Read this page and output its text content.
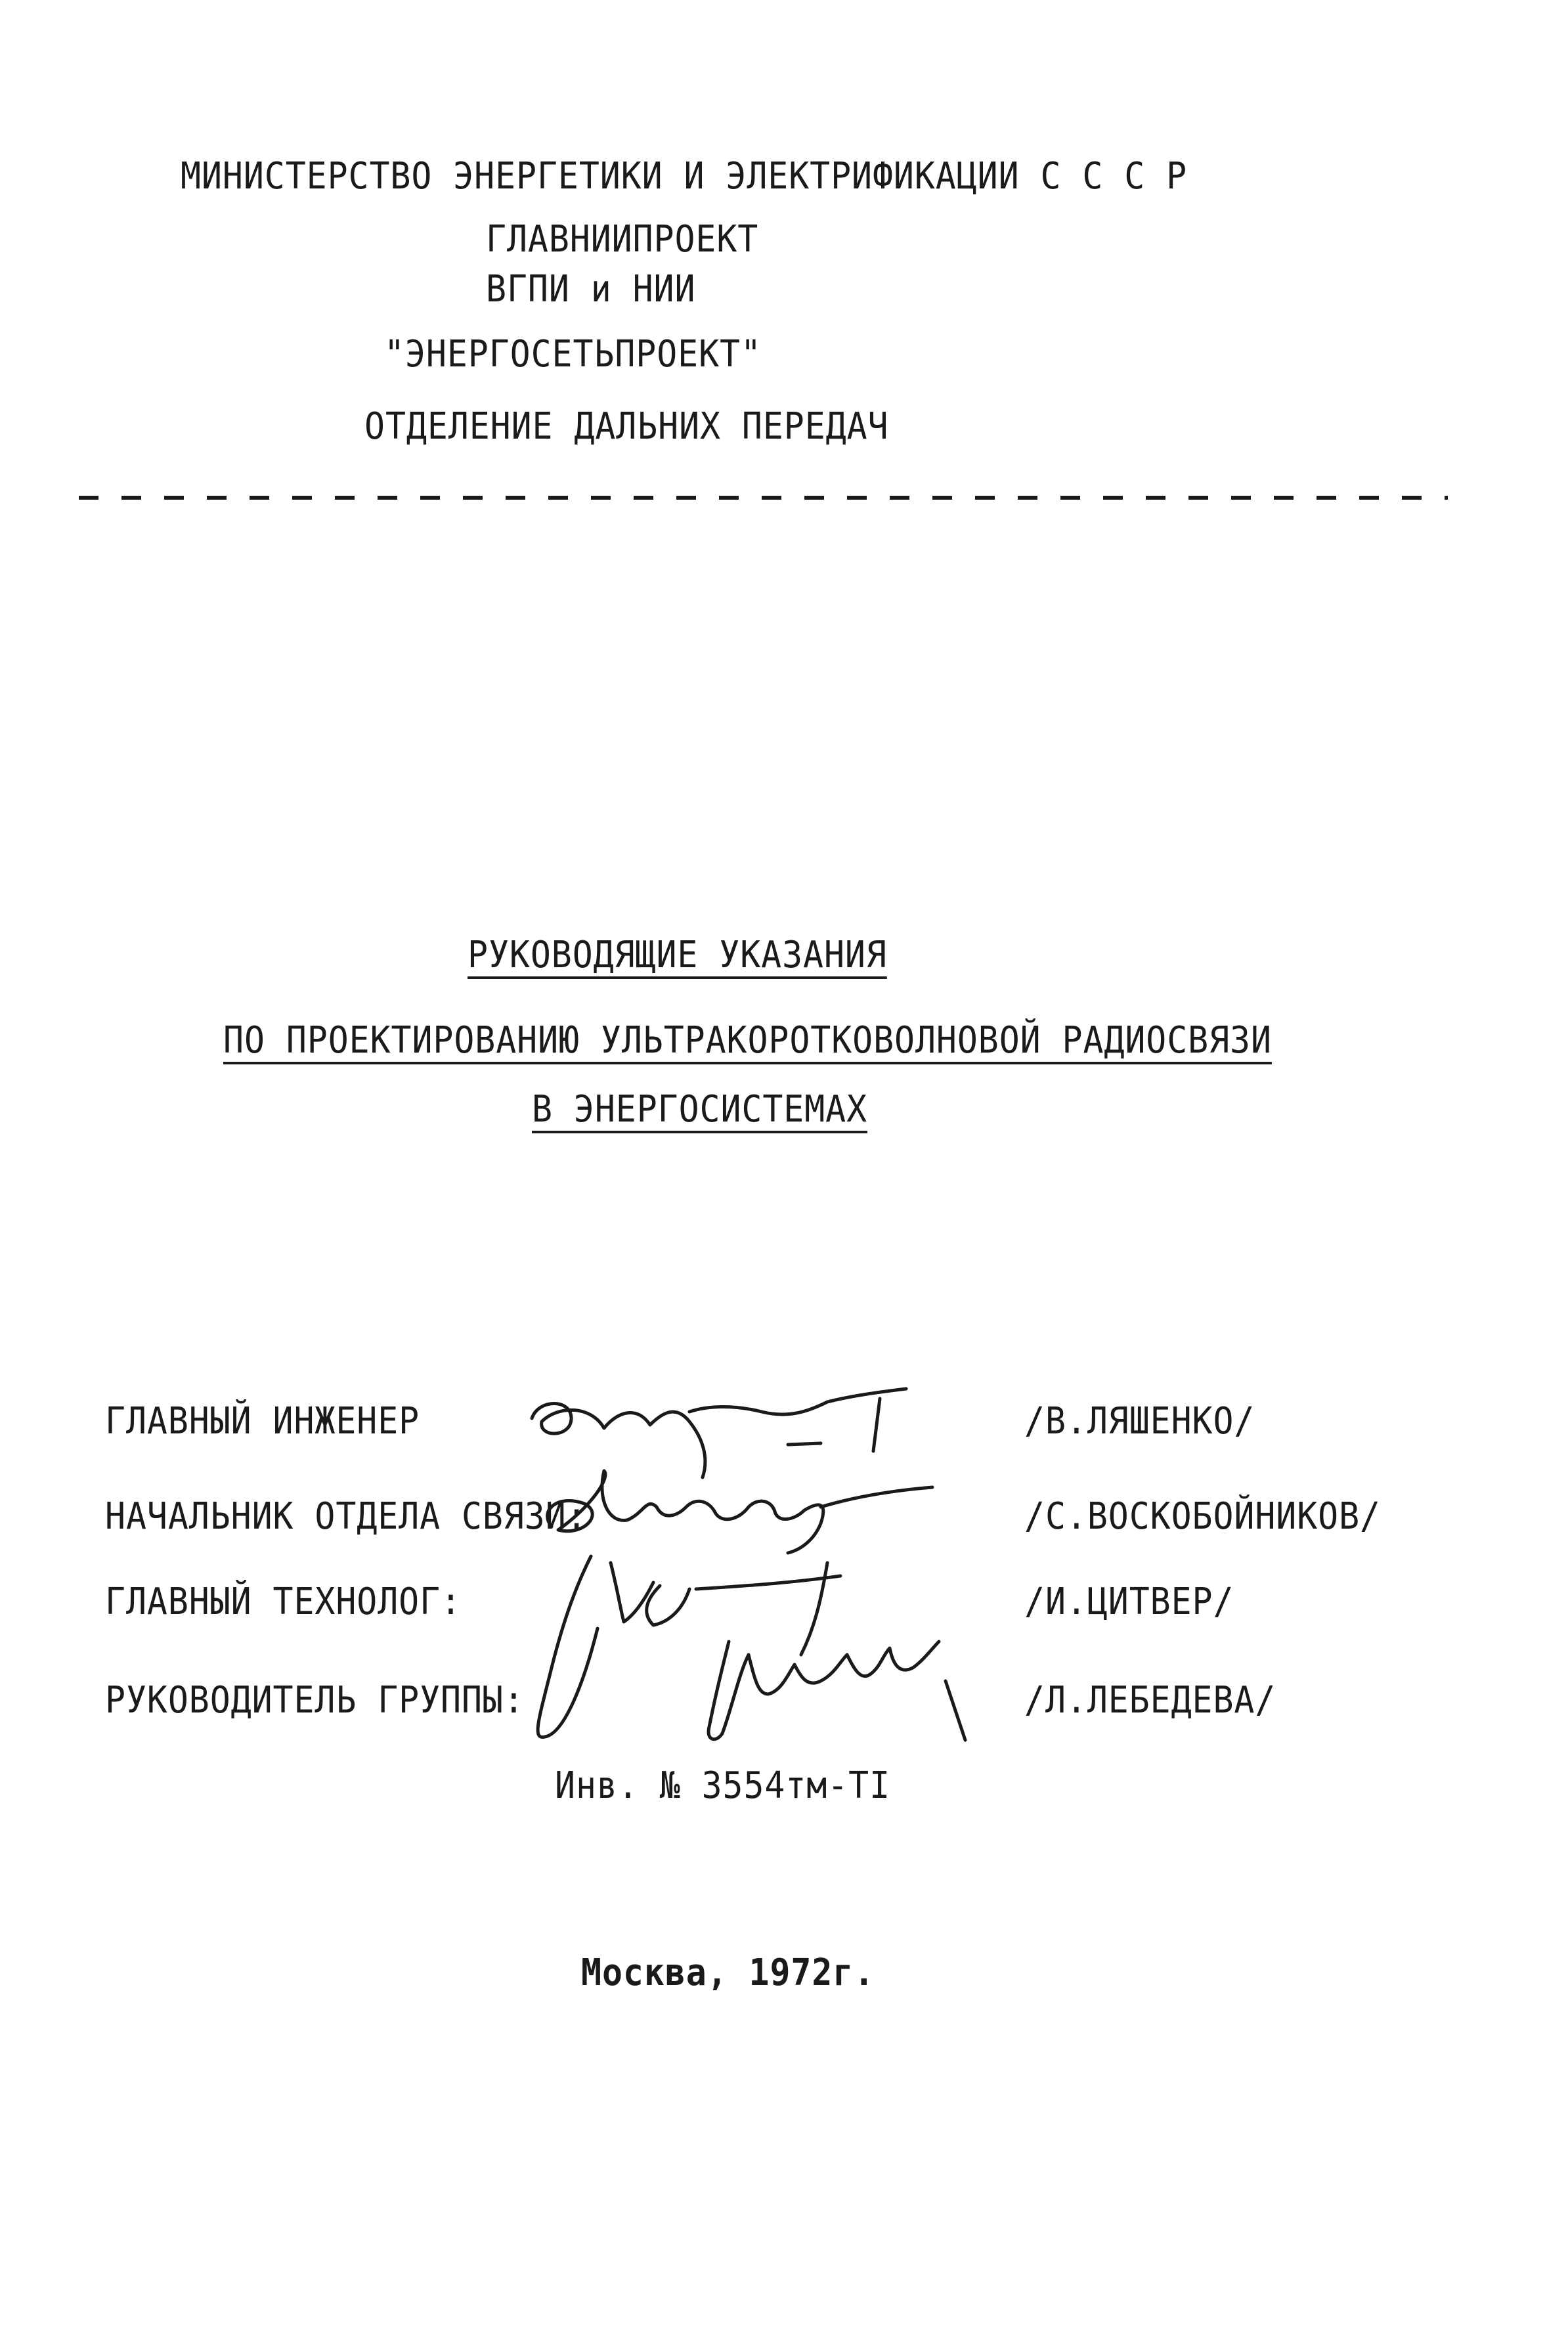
МИНИСТЕРСТВО ЭНЕРГЕТИКИ И ЭЛЕКТРИФИКАЦИИ С С С Р
ГЛАВНИИПРОЕКТ
ВГПИ и НИИ
"ЭНЕРГОСЕТЬПРОЕКТ"
ОТДЕЛЕНИЕ ДАЛЬНИХ ПЕРЕДАЧ
РУКОВОДЯЩИЕ УКАЗАНИЯ
ПО ПРОЕКТИРОВАНИЮ УЛЬТРАКОРОТКОВОЛНОВОЙ РАДИОСВЯЗИ
В ЭНЕРГОСИСТЕМАХ
ГЛАВНЫЙ ИНЖЕНЕР
НАЧАЛЬНИК ОТДЕЛА СВЯЗИ:
ГЛАВНЫЙ ТЕХНОЛОГ:
РУКОВОДИТЕЛЬ ГРУППЫ:
/В.ЛЯШЕНКО/
/С.ВОСКОБОЙНИКОВ/
/И.ЦИТВЕР/
/Л.ЛЕБЕДЕВА/
Инв. № 3554тм-ТI
Москва, 1972г.
